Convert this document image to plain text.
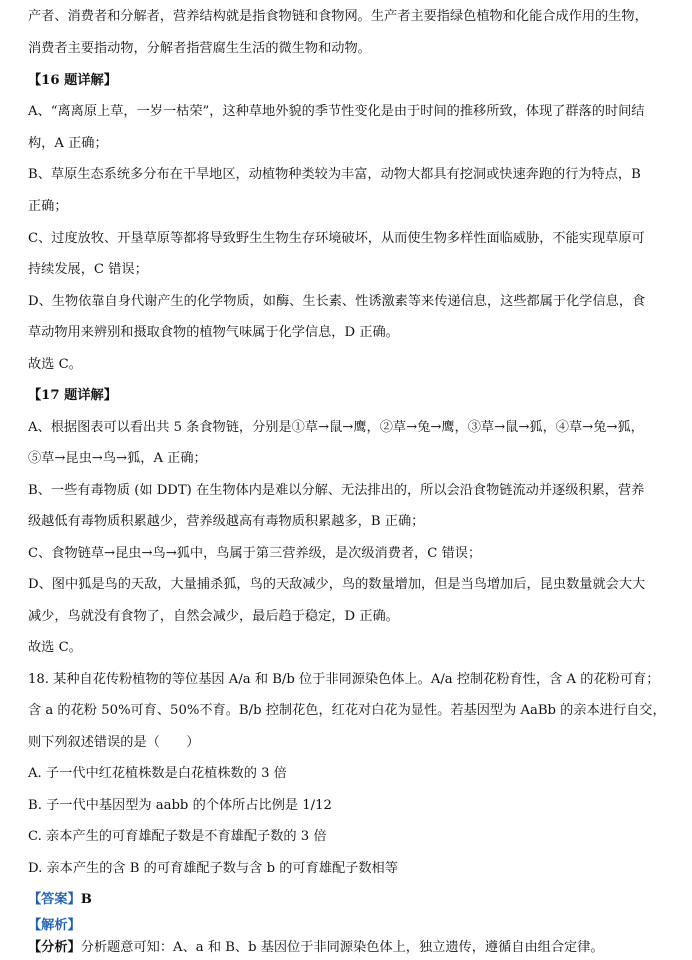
产者、消费者和分解者，营养结构就是指食物链和食物网。生产者主要指绿色植物和化能合成作用的生物，
消费者主要指动物，分解者指营腐生生活的微生物和动物。
【16 题详解】
A、“离离原上草，一岁一枯荣”，这种草地外貌的季节性变化是由于时间的推移所致，体现了群落的时间结
构，A 正确；
B、草原生态系统多分布在干旱地区，动植物种类较为丰富，动物大都具有挖洞或快速奔跑的行为特点，B
正确；
C、过度放牧、开垦草原等都将导致野生生物生存环境破坏，从而使生物多样性面临威胁，不能实现草原可
持续发展，C 错误；
D、生物依靠自身代谢产生的化学物质，如酶、生长素、性诱激素等来传递信息，这些都属于化学信息，食
草动物用来辨别和摄取食物的植物气味属于化学信息，D 正确。
故选 C。
【17 题详解】
A、根据图表可以看出共 5 条食物链，分别是①草→鼠→鹰，②草→兔→鹰，③草→鼠→狐，④草→兔→狐，
⑤草→昆虫→鸟→狐，A 正确；
B、一些有毒物质 (如 DDT) 在生物体内是难以分解、无法排出的，所以会沿食物链流动并逐级积累，营养
级越低有毒物质积累越少，营养级越高有毒物质积累越多，B 正确；
C、食物链草→昆虫→鸟→狐中，鸟属于第三营养级，是次级消费者，C 错误；
D、图中狐是鸟的天敌，大量捕杀狐，鸟的天敌减少，鸟的数量增加，但是当鸟增加后，昆虫数量就会大大
减少，鸟就没有食物了，自然会减少，最后趋于稳定，D 正确。
故选 C。
18. 某种自花传粉植物的等位基因 A/a 和 B/b 位于非同源染色体上。A/a 控制花粉育性，含 A 的花粉可育；
含 a 的花粉 50%可育、50%不育。B/b 控制花色，红花对白花为显性。若基因型为 AaBb 的亲本进行自交，
则下列叙述错误的是（　　）
A. 子一代中红花植株数是白花植株数的 3 倍
B. 子一代中基因型为 aabb 的个体所占比例是 1/12
C. 亲本产生的可育雄配子数是不育雄配子数的 3 倍
D. 亲本产生的含 B 的可育雄配子数与含 b 的可育雄配子数相等
【答案】B
【解析】
【分析】分析题意可知：A、a 和 B、b 基因位于非同源染色体上，独立遗传，遵循自由组合定律。
